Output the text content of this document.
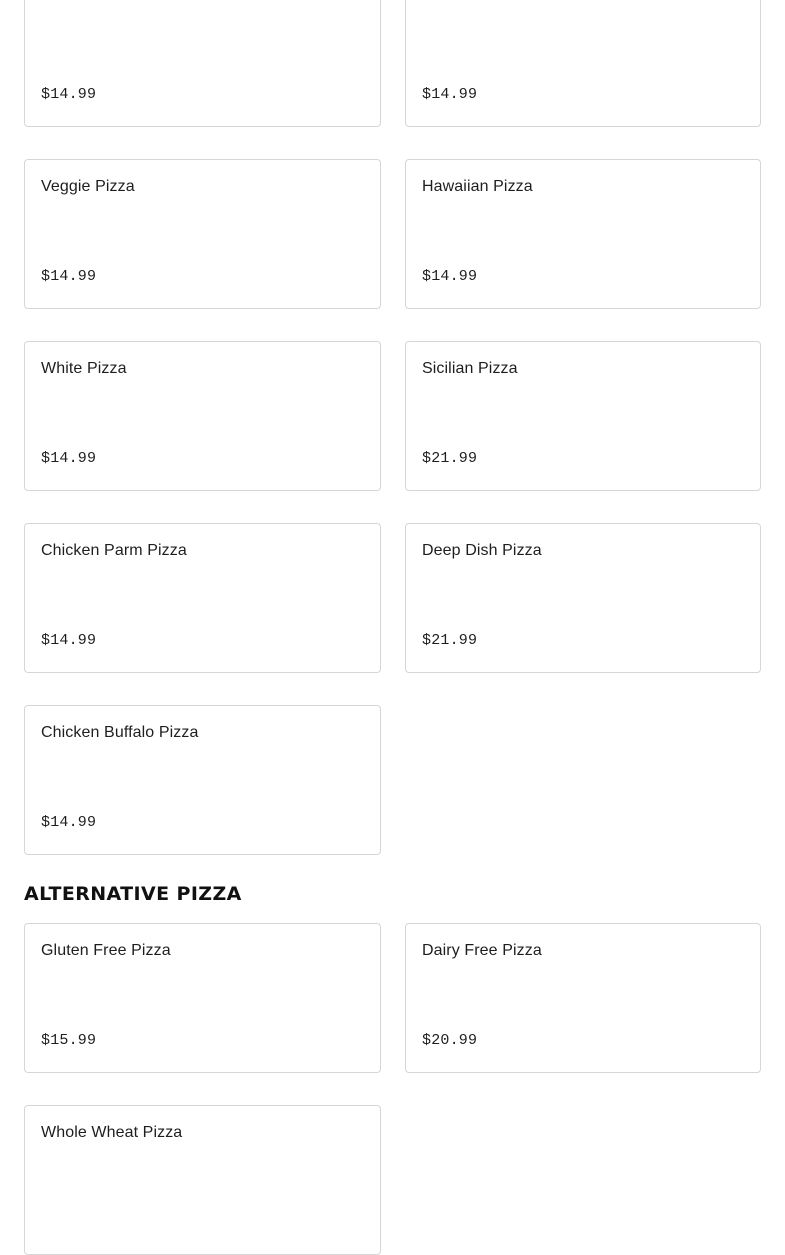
$14.99	$14.99
Veggie Pizza
$14.99
Hawaiian Pizza
$14.99
White Pizza
$14.99
Sicilian Pizza
$21.99
Chicken Parm Pizza
$14.99
Deep Dish Pizza
$21.99
Chicken Buffalo Pizza
$14.99
ALTERNATIVE PIZZA
Gluten Free Pizza
$15.99
Dairy Free Pizza
$20.99
Whole Wheat Pizza
